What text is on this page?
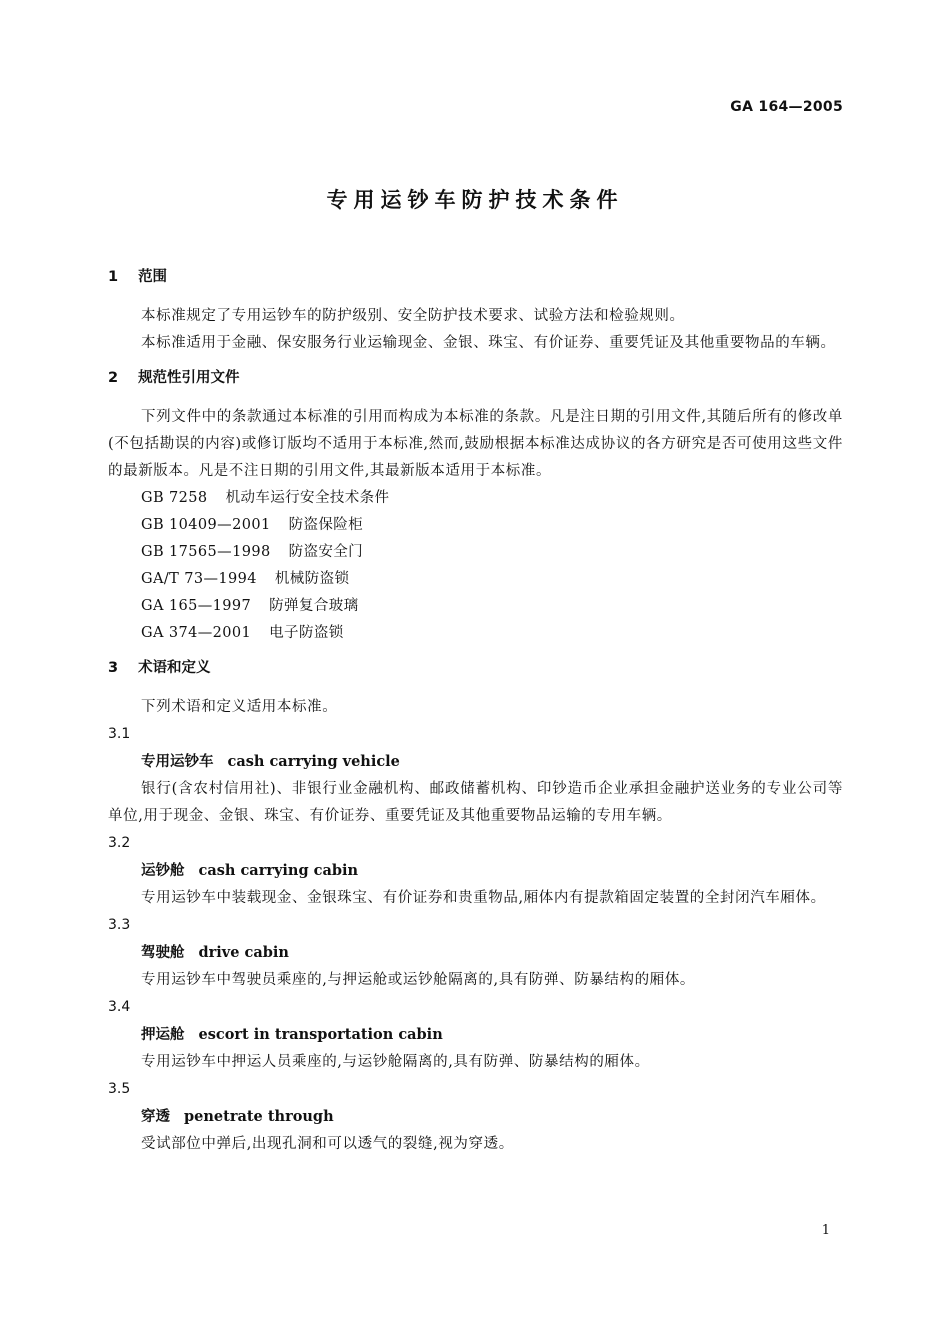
GA 164—2005
专用运钞车防护技术条件
1 范围
本标准规定了专用运钞车的防护级别、安全防护技术要求、试验方法和检验规则。
本标准适用于金融、保安服务行业运输现金、金银、珠宝、有价证券、重要凭证及其他重要物品的车辆。
2 规范性引用文件
下列文件中的条款通过本标准的引用而构成为本标准的条款。凡是注日期的引用文件,其随后所有的修改单(不包括勘误的内容)或修订版均不适用于本标准,然而,鼓励根据本标准达成协议的各方研究是否可使用这些文件的最新版本。凡是不注日期的引用文件,其最新版本适用于本标准。
GB 7258 机动车运行安全技术条件
GB 10409—2001 防盗保险柜
GB 17565—1998 防盗安全门
GA/T 73—1994 机械防盗锁
GA 165—1997 防弹复合玻璃
GA 374—2001 电子防盗锁
3 术语和定义
下列术语和定义适用本标准。
3.1
专用运钞车 cash carrying vehicle
银行(含农村信用社)、非银行业金融机构、邮政储蓄机构、印钞造币企业承担金融护送业务的专业公司等单位,用于现金、金银、珠宝、有价证券、重要凭证及其他重要物品运输的专用车辆。
3.2
运钞舱 cash carrying cabin
专用运钞车中装载现金、金银珠宝、有价证券和贵重物品,厢体内有提款箱固定装置的全封闭汽车厢体。
3.3
驾驶舱 drive cabin
专用运钞车中驾驶员乘座的,与押运舱或运钞舱隔离的,具有防弹、防暴结构的厢体。
3.4
押运舱 escort in transportation cabin
专用运钞车中押运人员乘座的,与运钞舱隔离的,具有防弹、防暴结构的厢体。
3.5
穿透 penetrate through
受试部位中弹后,出现孔洞和可以透气的裂缝,视为穿透。
1
